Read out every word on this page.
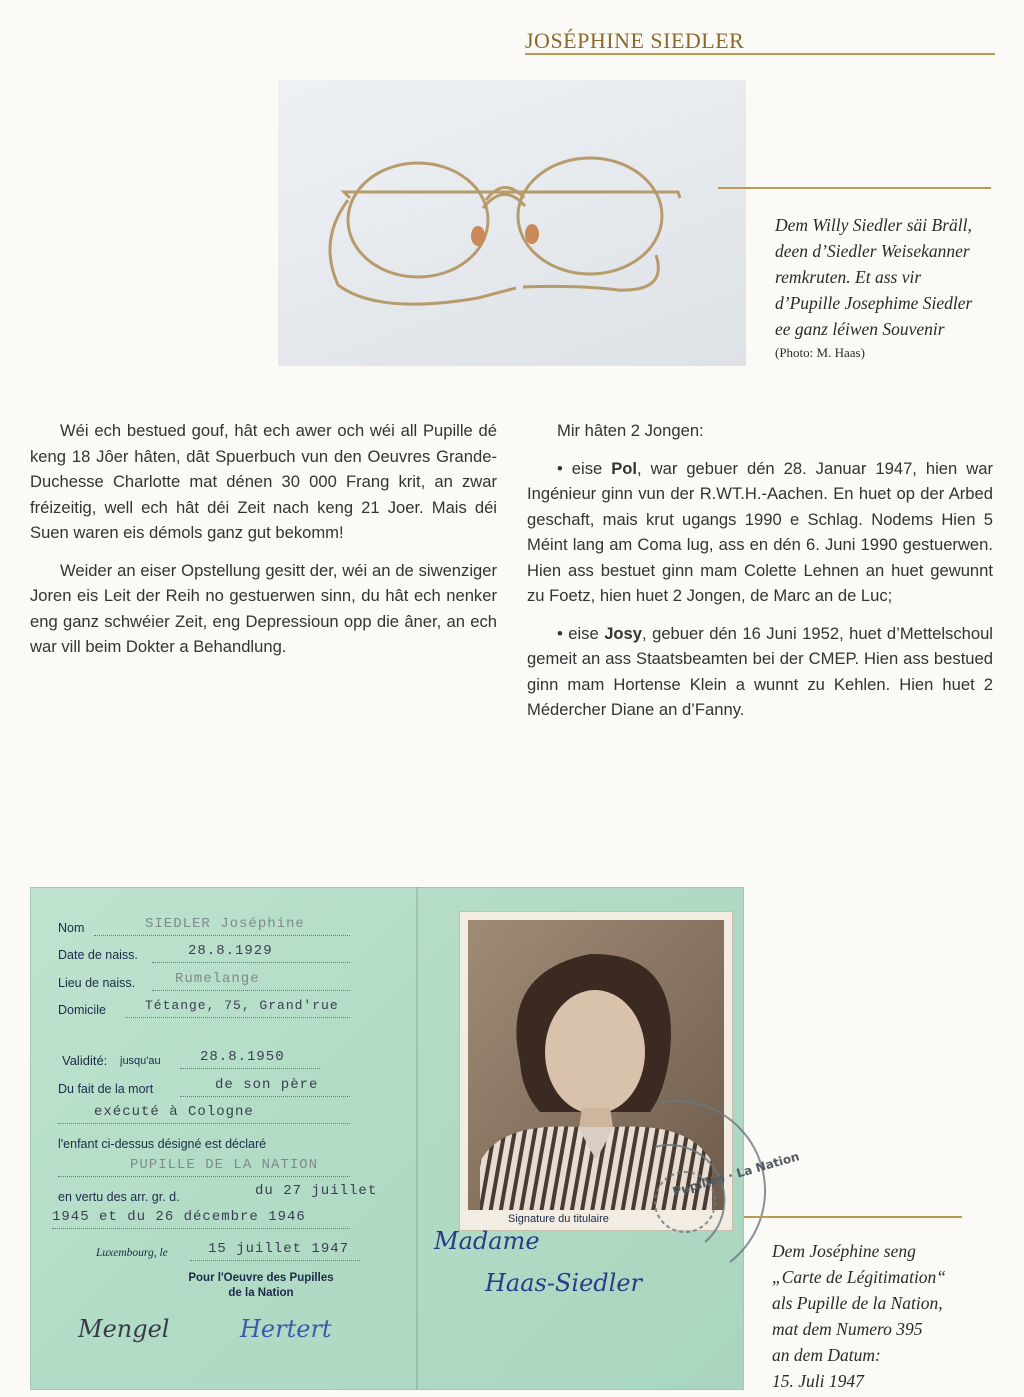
JOSÉPHINE SIEDLER
Dem Willy Siedler säi Bräll,
deen d’Siedler Weisekanner
remkruten. Et ass vir
d’Pupille Josephime Siedler
ee ganz léiwen Souvenir
(Photo: M. Haas)

Wéi ech bestued gouf, hât ech awer och wéi all Pupille dé keng 18 Jôer hâten, dât Spuerbuch vun den Oeuvres Grande-Duchesse Charlotte mat dénen 30 000 Frang krit, an zwar fréizeitig, well ech hât déi Zeit nach keng 21 Joer. Mais déi Suen waren eis démols ganz gut bekomm!

Weider an eiser Opstellung gesitt der, wéi an de siwenziger Joren eis Leit der Reih no gestuerwen sinn, du hât ech nenker eng ganz schwéier Zeit, eng Depressioun opp die âner, an ech war vill beim Dokter a Behandlung.

Mir hâten 2 Jongen:

• eise Pol, war gebuer dén 28. Januar 1947, hien war Ingénieur ginn vun der R.WT.H.-Aachen. En huet op der Arbed geschaft, mais krut ugangs 1990 e Schlag. Nodems Hien 5 Méint lang am Coma lug, ass en dén 6. Juni 1990 gestuerwen. Hien ass bestuet ginn mam Colette Lehnen an huet gewunnt zu Foetz, hien huet 2 Jongen, de Marc an de Luc;

• eise Josy, gebuer dén 16 Juni 1952, huet d’Mettelschoul gemeit an ass Staatsbeamten bei der CMEP. Hien ass bestued ginn mam Hortense Klein a wunnt zu Kehlen. Hien huet 2 Médercher Diane an d’Fanny.

Nom	SIEDLER Joséphine
Date de naiss.	28.8.1929
Lieu de naiss.	Rumelange
Domicile	Tétange, 75, Grand'rue
Validité: jusqu'au	28.8.1950
Du fait de la mort	de son père
exécuté à Cologne
l'enfant ci-dessus désigné est déclaré
PUPILLE DE LA NATION
en vertu des arr. gr. d.	du 27 juillet
1945 et du 26 décembre 1946
Luxembourg, le	15 juillet 1947
Pour l'Oeuvre des Pupilles
de la Nation
Mengel	Hertert
Signature du titulaire
Pupilles · La Nation
Madame
Haas-Siedler
Dem Joséphine seng
„Carte de Légitimation“
als Pupille de la Nation,
mat dem Numero 395
an dem Datum:
15. Juli 1947
